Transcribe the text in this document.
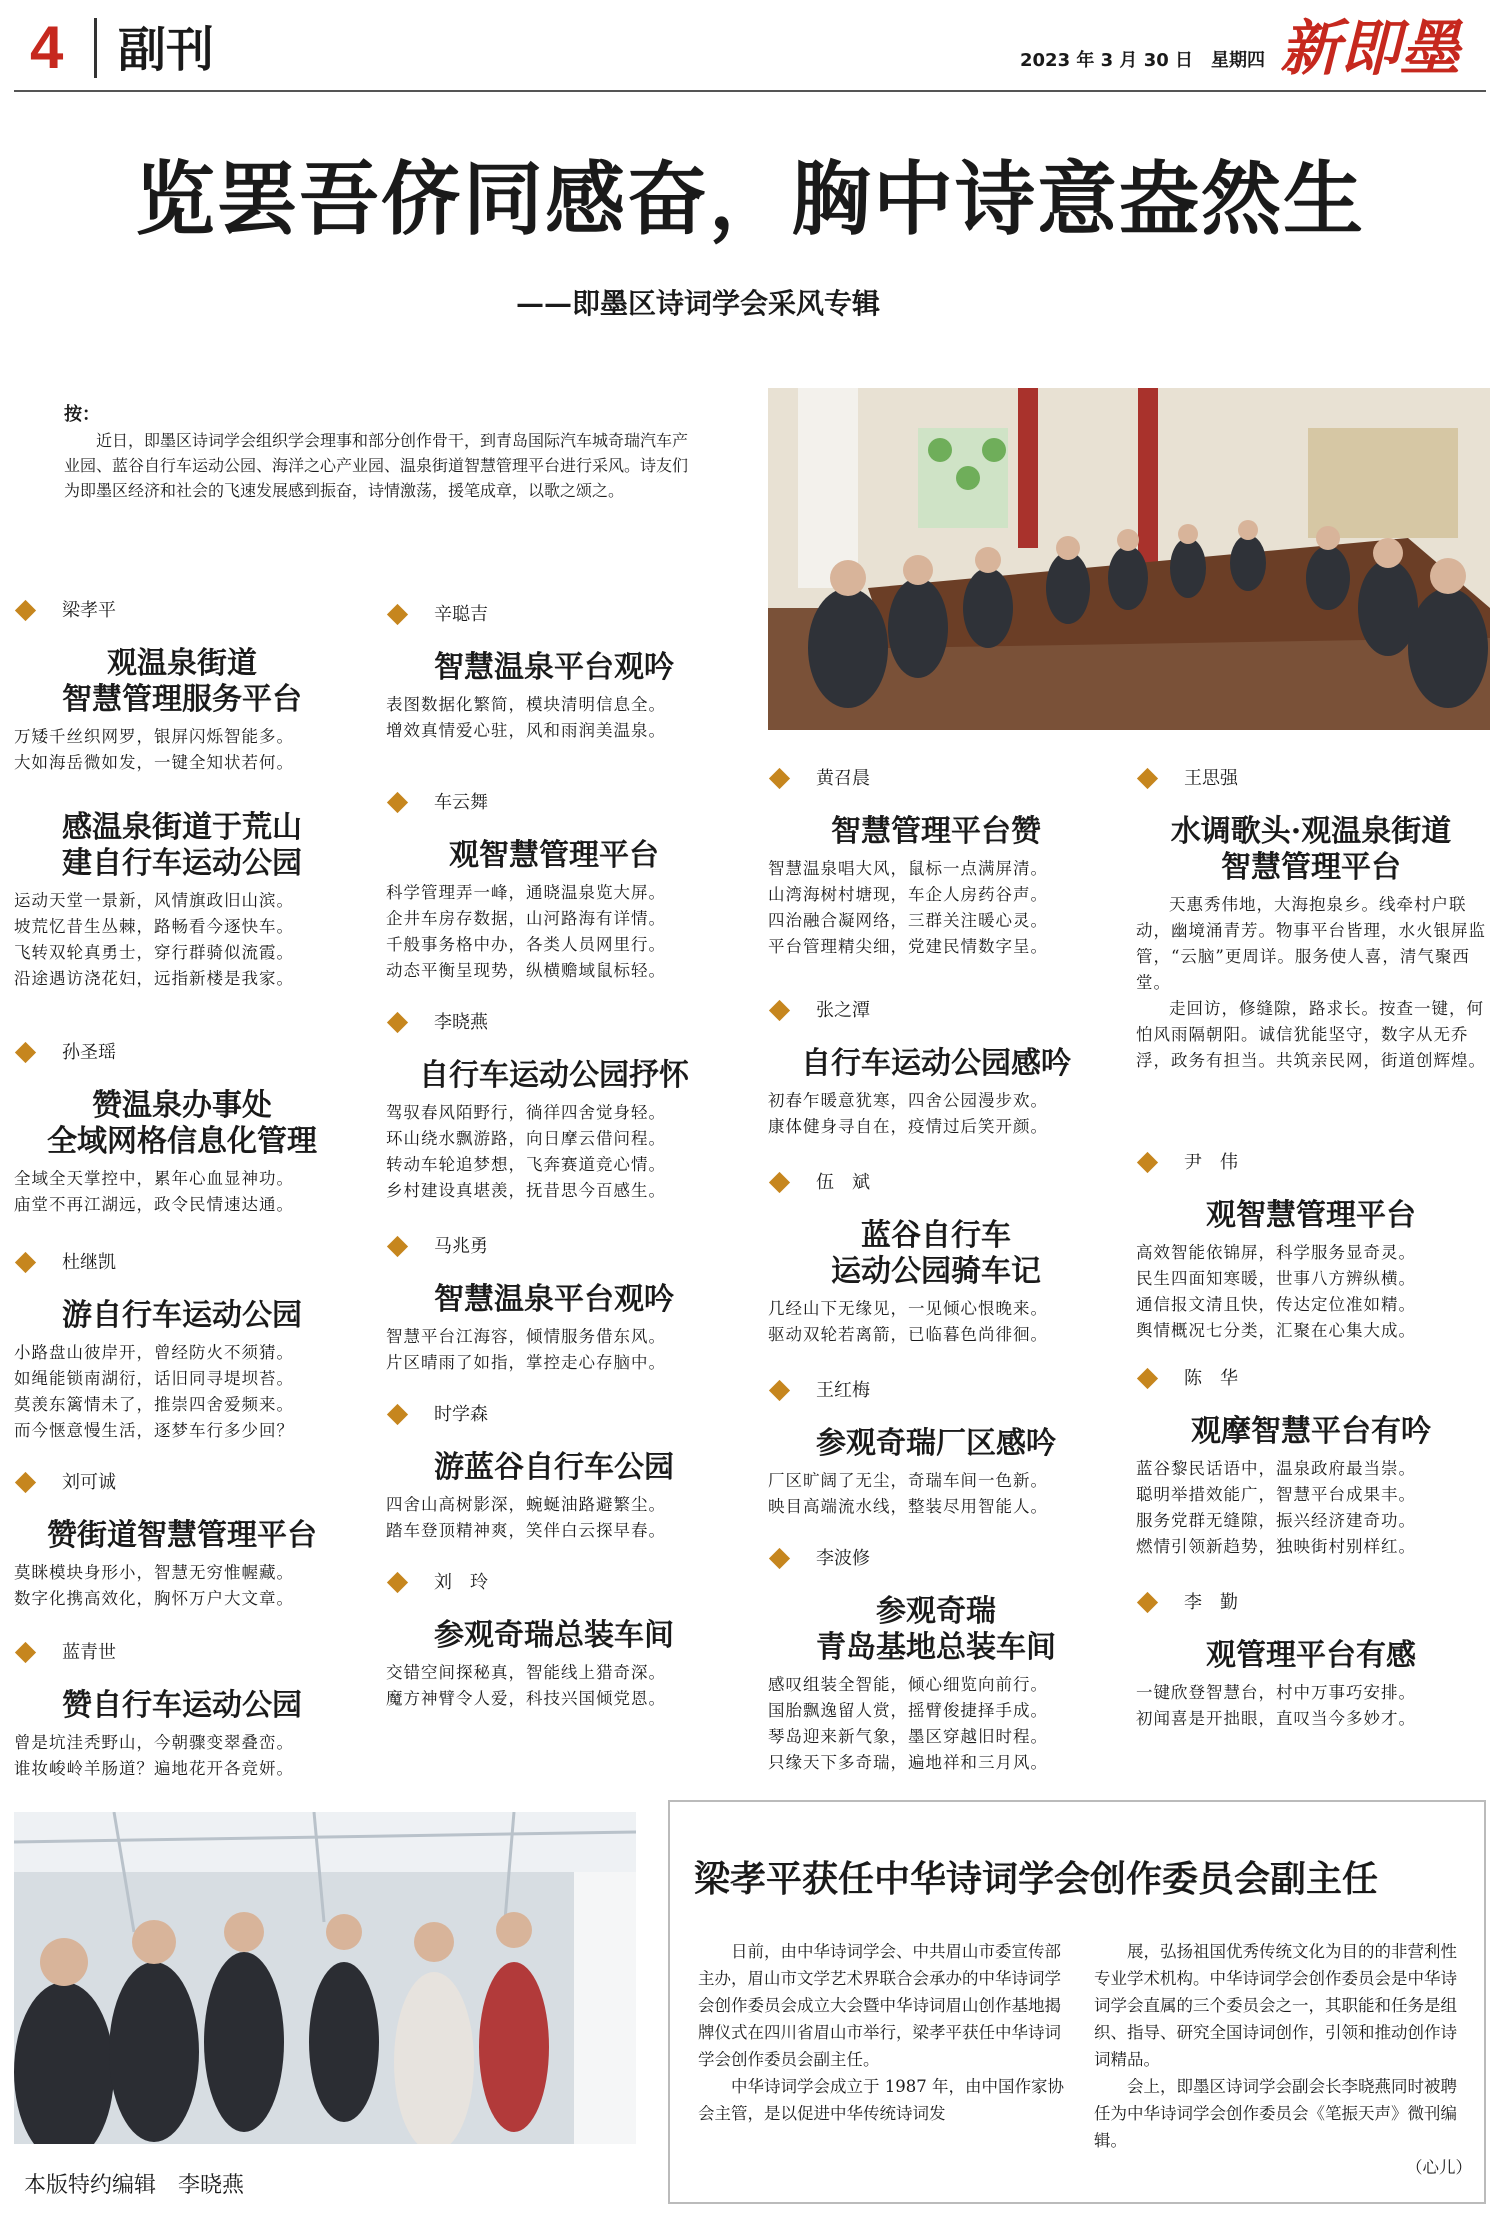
4 副刊	2023 年 3 月 30 日　星期四 新即墨
览罢吾侪同感奋，胸中诗意盎然生
——即墨区诗词学会采风专辑
按：
近日，即墨区诗词学会组织学会理事和部分创作骨干，到青岛国际汽车城奇瑞汽车产业园、蓝谷自行车运动公园、海洋之心产业园、温泉街道智慧管理平台进行采风。诗友们为即墨区经济和社会的飞速发展感到振奋，诗情激荡，援笔成章，以歌之颂之。
梁孝平
观温泉街道
智慧管理服务平台
万矮千丝织网罗，银屏闪烁智能多。
大如海岳微如发，一键全知状若何。
感温泉街道于荒山
建自行车运动公园
运动天堂一景新，风情旗政旧山滨。
坡荒忆昔生丛棘，路畅看今逐快车。
飞转双轮真勇士，穿行群骑似流霞。
沿途遇访浇花妇，远指新楼是我家。
孙圣瑶
赞温泉办事处
全域网格信息化管理
全域全天掌控中，累年心血显神功。
庙堂不再江湖远，政令民情速达通。
杜继凯
游自行车运动公园
小路盘山彼岸开，曾经防火不须猜。
如绳能锁南湖衍，话旧同寻堤坝苔。
莫羡东篱情未了，推崇四舍爱频来。
而今惬意慢生活，逐梦车行多少回？
刘可诚
赞街道智慧管理平台
莫眯模块身形小，智慧无穷惟幄藏。
数字化携高效化，胸怀万户大文章。
蓝青世
赞自行车运动公园
曾是坑洼秃野山，今朝骤变翠叠峦。
谁妆峻岭羊肠道？遍地花开各竞妍。
辛聪吉
智慧温泉平台观吟
表图数据化繁简，模块清明信息全。
增效真情爱心驻，风和雨润美温泉。
车云舞
观智慧管理平台
科学管理弄一峰，通晓温泉览大屏。
企井车房存数据，山河路海有详情。
千般事务格中办，各类人员网里行。
动态平衡呈现势，纵横赡域鼠标轻。
李晓燕
自行车运动公园抒怀
驾驭春风陌野行，徜徉四舍觉身轻。
环山绕水飘游路，向日摩云借问程。
转动车轮追梦想，飞奔赛道竞心情。
乡村建设真堪羡，抚昔思今百感生。
马兆勇
智慧温泉平台观吟
智慧平台江海容，倾情服务借东风。
片区晴雨了如指，掌控走心存脑中。
时学森
游蓝谷自行车公园
四舍山高树影深，蜿蜒油路避繁尘。
踏车登顶精神爽，笑伴白云探早春。
刘　玲
参观奇瑞总装车间
交错空间探秘真，智能线上猎奇深。
魔方神臂令人爱，科技兴国倾党恩。
黄召晨
智慧管理平台赞
智慧温泉唱大风，鼠标一点满屏清。
山湾海树村塘现，车企人房药谷声。
四治融合凝网络，三群关注暖心灵。
平台管理精尖细，党建民情数字呈。
张之潭
自行车运动公园感吟
初春乍暖意犹寒，四舍公园漫步欢。
康体健身寻自在，疫情过后笑开颜。
伍　斌
蓝谷自行车
运动公园骑车记
几经山下无缘见，一见倾心恨晚来。
驱动双轮若离箭，已临暮色尚徘徊。
王红梅
参观奇瑞厂区感吟
厂区旷阔了无尘，奇瑞车间一色新。
映目高端流水线，整装尽用智能人。
李波修
参观奇瑞
青岛基地总装车间
感叹组装全智能，倾心细览向前行。
国胎飘逸留人赏，摇臂俊捷择手成。
琴岛迎来新气象，墨区穿越旧时程。
只缘天下多奇瑞，遍地祥和三月风。
王思强
水调歌头·观温泉街道
智慧管理平台
天惠秀伟地，大海抱泉乡。线牵村户联动，幽境涌青芳。物事平台皆理，水火银屏监管，“云脑”更周详。服务使人喜，清气聚西堂。
走回访，修缝隙，路求长。按查一键，何怕风雨隔朝阳。诚信犹能坚守，数字从无乔浮，政务有担当。共筑亲民网，街道创辉煌。
尹　伟
观智慧管理平台
高效智能依锦屏，科学服务显奇灵。
民生四面知寒暖，世事八方辨纵横。
通信报文清且快，传达定位准如精。
舆情概况七分类，汇聚在心集大成。
陈　华
观摩智慧平台有吟
蓝谷黎民话语中，温泉政府最当崇。
聪明举措效能广，智慧平台成果丰。
服务党群无缝隙，振兴经济建奇功。
燃情引领新趋势，独映街村别样红。
李　勤
观管理平台有感
一键欣登智慧台，村中万事巧安排。
初闻喜是开拙眼，直叹当今多妙才。
梁孝平获任中华诗词学会创作委员会副主任

日前，由中华诗词学会、中共眉山市委宣传部主办，眉山市文学艺术界联合会承办的中华诗词学会创作委员会成立大会暨中华诗词眉山创作基地揭牌仪式在四川省眉山市举行，梁孝平获任中华诗词学会创作委员会副主任。

中华诗词学会成立于 1987 年，由中国作家协会主管，是以促进中华传统诗词发

展，弘扬祖国优秀传统文化为目的的非营利性专业学术机构。中华诗词学会创作委员会是中华诗词学会直属的三个委员会之一，其职能和任务是组织、指导、研究全国诗词创作，引领和推动创作诗词精品。

会上，即墨区诗词学会副会长李晓燕同时被聘任为中华诗词学会创作委员会《笔振天声》微刊编辑。

（心儿）
本版特约编辑　李晓燕
